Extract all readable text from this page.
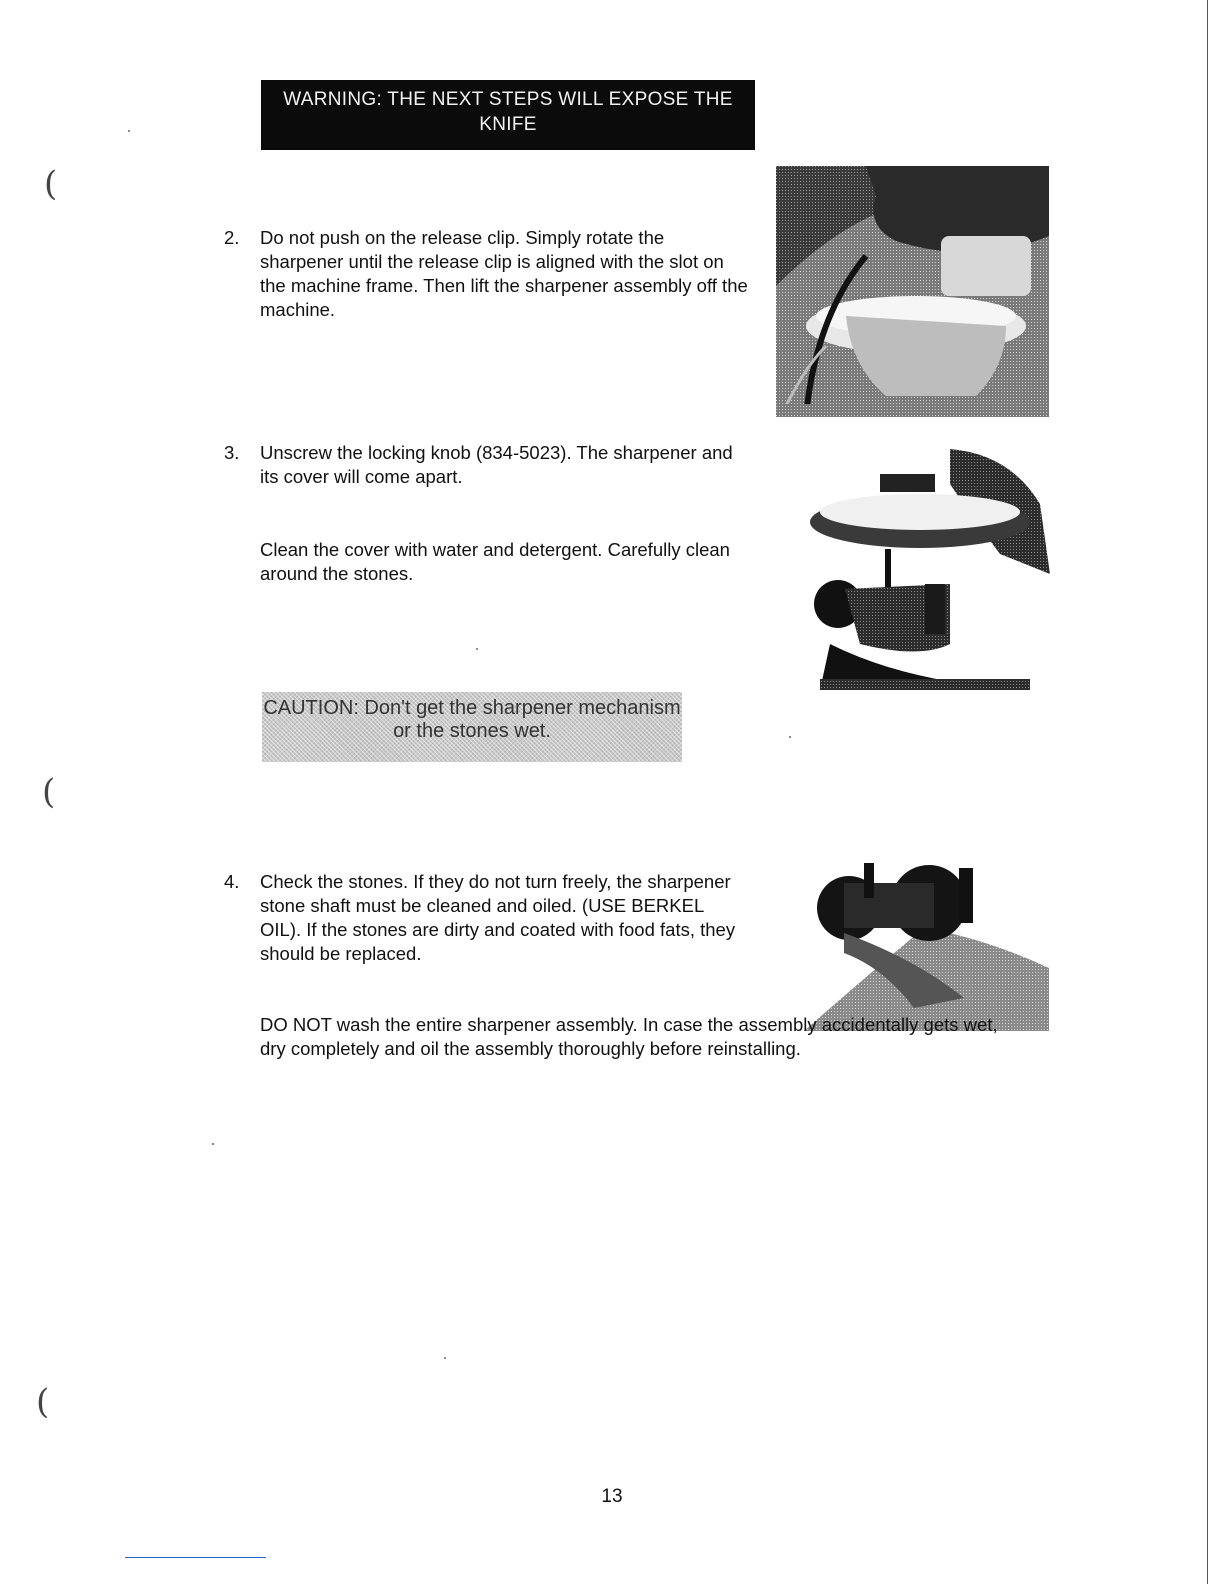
WARNING: THE NEXT STEPS WILL EXPOSE THE KNIFE
2. Do not push on the release clip. Simply rotate the sharpener until the release clip is aligned with the slot on the machine frame. Then lift the sharpener assembly off the machine.
3. Unscrew the locking knob (834-5023). The sharpener and its cover will come apart.
Clean the cover with water and detergent. Carefully clean around the stones.
CAUTION: Don't get the sharpener mechanism or the stones wet.
4. Check the stones. If they do not turn freely, the sharpener stone shaft must be cleaned and oiled. (USE BERKEL OIL). If the stones are dirty and coated with food fats, they should be replaced.
DO NOT wash the entire sharpener assembly. In case the assembly accidentally gets wet, dry completely and oil the assembly thoroughly before reinstalling.
13
(
(
(
